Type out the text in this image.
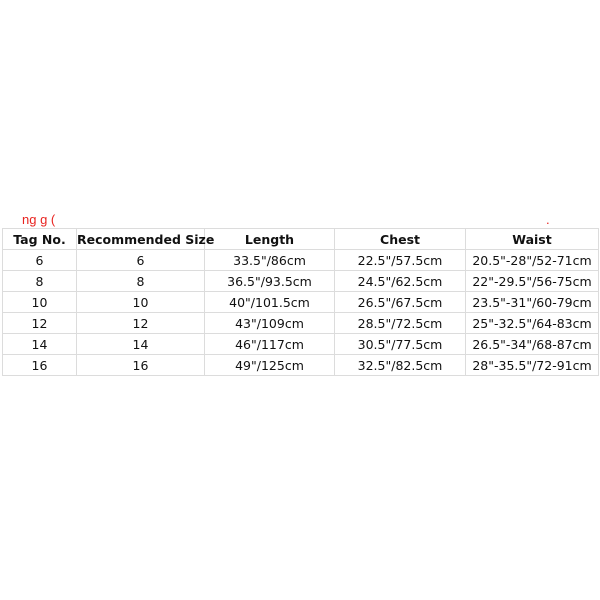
ng g (	.
Tag No.	Recommended Size	Length	Chest	Waist
6	6	33.5"/86cm	22.5"/57.5cm	20.5"-28"/52-71cm
8	8	36.5"/93.5cm	24.5"/62.5cm	22"-29.5"/56-75cm
10	10	40"/101.5cm	26.5"/67.5cm	23.5"-31"/60-79cm
12	12	43"/109cm	28.5"/72.5cm	25"-32.5"/64-83cm
14	14	46"/117cm	30.5"/77.5cm	26.5"-34"/68-87cm
16	16	49"/125cm	32.5"/82.5cm	28"-35.5"/72-91cm
